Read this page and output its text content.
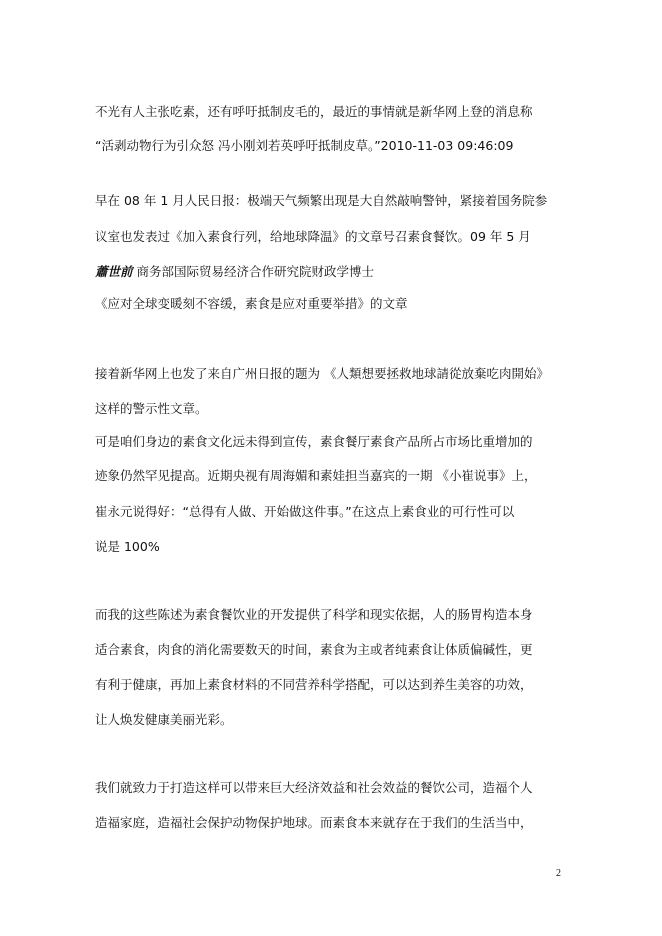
不光有人主张吃素，还有呼吁抵制皮毛的，最近的事情就是新华网上登的消息称
“活剥动物行为引众怒 冯小刚刘若英呼吁抵制皮草。”2010-11-03 09:46:09
早在 08 年 1 月人民日报：极端天气频繁出现是大自然敲响警钟，紧接着国务院参
议室也发表过《加入素食行列，给地球降温》的文章号召素食餐饮。09 年 5 月
蕭世前 商务部国际贸易经济合作研究院财政学博士
《应对全球变暖刻不容缓，素食是应对重要举措》的文章
接着新华网上也发了来自广州日报的题为 《人類想要拯救地球請從放棄吃肉開始》
这样的警示性文章。
可是咱们身边的素食文化远未得到宣传，素食餐厅素食产品所占市场比重增加的
迹象仍然罕见提高。近期央视有周海媚和素娃担当嘉宾的一期 《小崔说事》上，
崔永元说得好：“总得有人做、开始做这件事。”在这点上素食业的可行性可以
说是 100%
而我的这些陈述为素食餐饮业的开发提供了科学和现实依据，人的肠胃构造本身
适合素食，肉食的消化需要数天的时间，素食为主或者纯素食让体质偏碱性，更
有利于健康，再加上素食材料的不同营养科学搭配，可以达到养生美容的功效，
让人焕发健康美丽光彩。
我们就致力于打造这样可以带来巨大经济效益和社会效益的餐饮公司，造福个人
造福家庭，造福社会保护动物保护地球。而素食本来就存在于我们的生活当中，
2
